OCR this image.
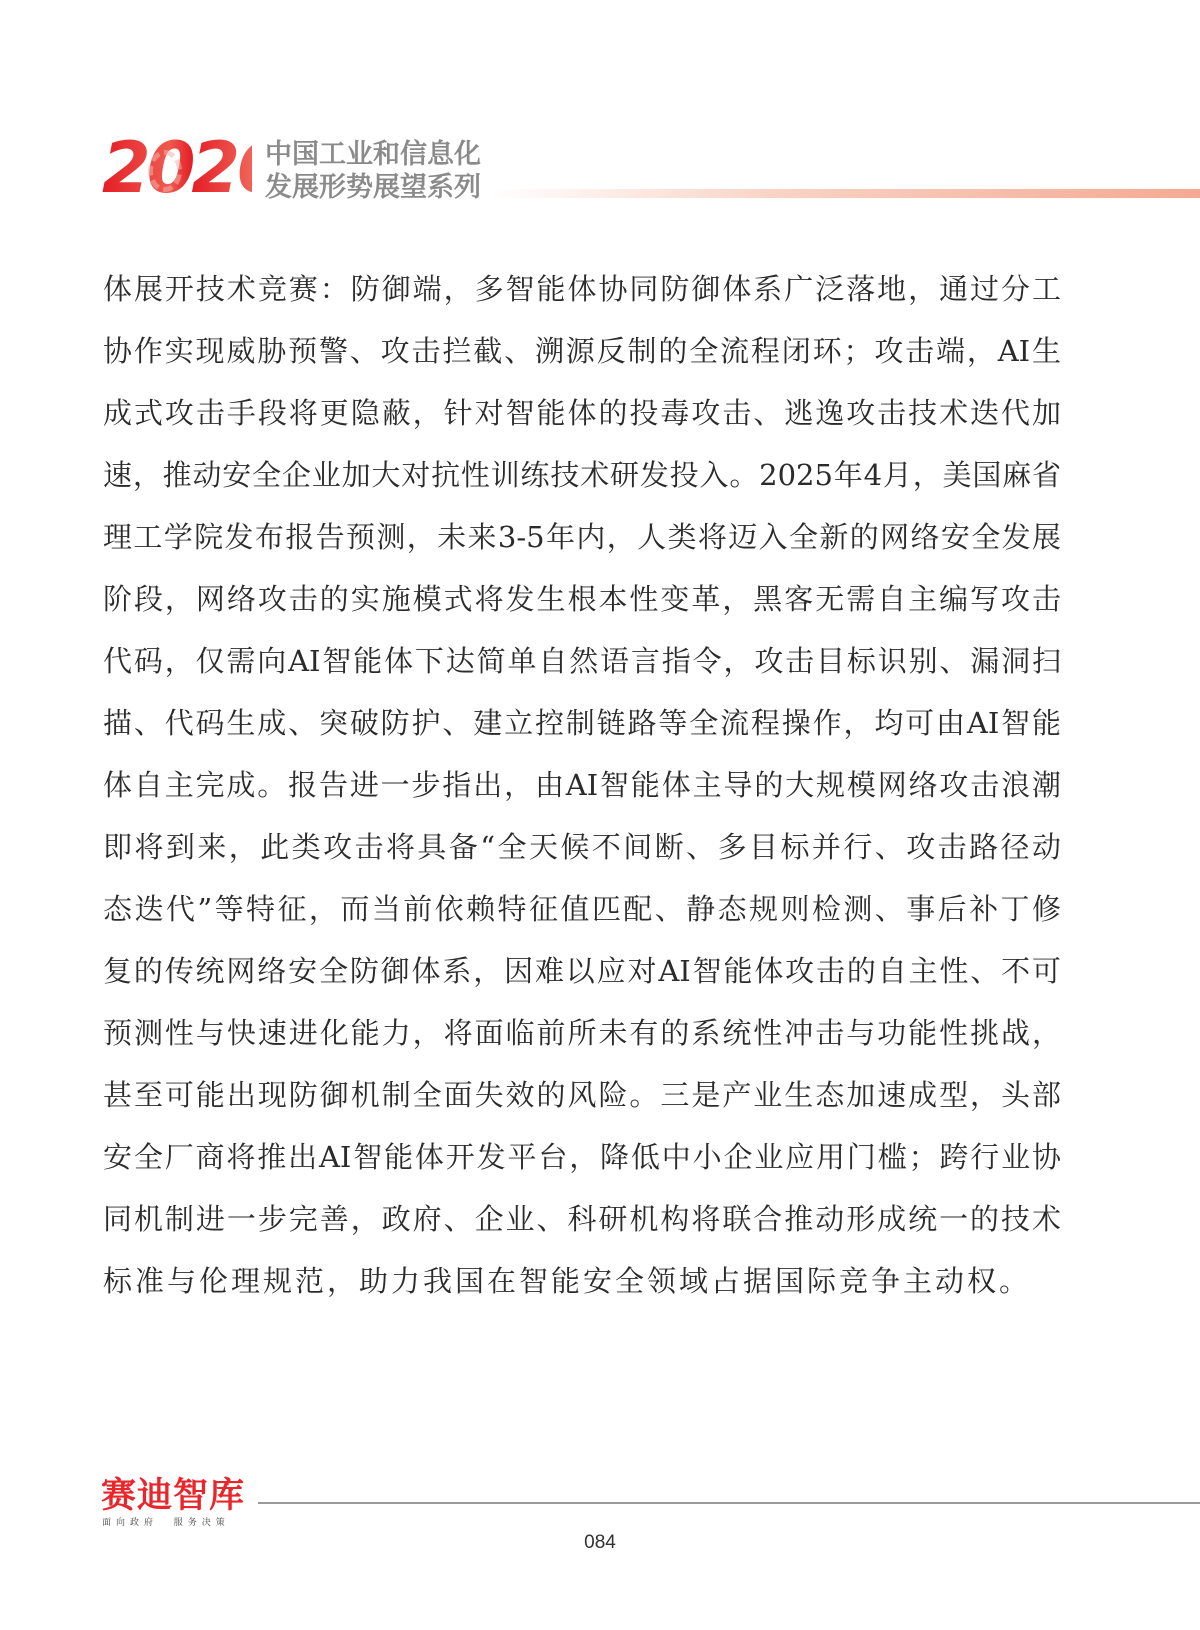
2026
中国工业和信息化
发展形势展望系列
体展开技术竞赛：防御端，多智能体协同防御体系广泛落地，通过分工
协作实现威胁预警、攻击拦截、溯源反制的全流程闭环；攻击端，AI生
成式攻击手段将更隐蔽，针对智能体的投毒攻击、逃逸攻击技术迭代加
速，推动安全企业加大对抗性训练技术研发投入。2025年4月，美国麻省
理工学院发布报告预测，未来3-5年内，人类将迈入全新的网络安全发展
阶段，网络攻击的实施模式将发生根本性变革，黑客无需自主编写攻击
代码，仅需向AI智能体下达简单自然语言指令，攻击目标识别、漏洞扫
描、代码生成、突破防护、建立控制链路等全流程操作，均可由AI智能
体自主完成。报告进一步指出，由AI智能体主导的大规模网络攻击浪潮
即将到来，此类攻击将具备“全天候不间断、多目标并行、攻击路径动
态迭代”等特征，而当前依赖特征值匹配、静态规则检测、事后补丁修
复的传统网络安全防御体系，因难以应对AI智能体攻击的自主性、不可
预测性与快速进化能力，将面临前所未有的系统性冲击与功能性挑战，
甚至可能出现防御机制全面失效的风险。三是产业生态加速成型，头部
安全厂商将推出AI智能体开发平台，降低中小企业应用门槛；跨行业协
同机制进一步完善，政府、企业、科研机构将联合推动形成统一的技术
标准与伦理规范，助力我国在智能安全领域占据国际竞争主动权。
赛迪智库
面向政府  服务决策
084
